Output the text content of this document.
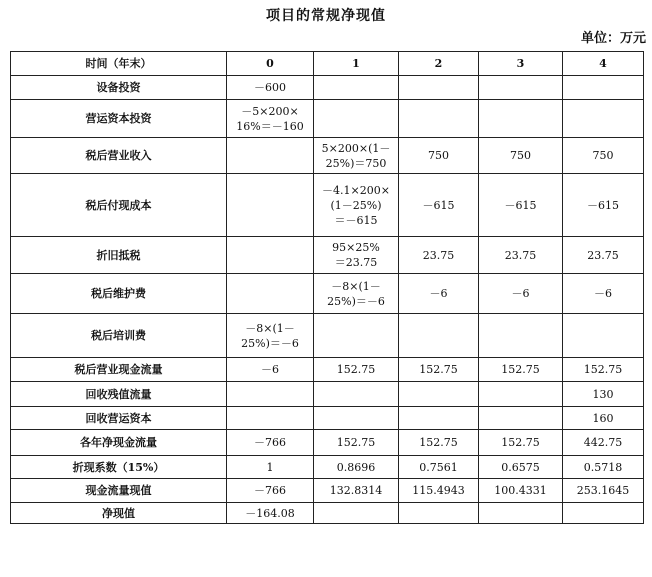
项目的常规净现值
单位：万元
时间（年末）	0	1	2	3	4
设备投资	－600				
营运资本投资	－5×200×
16%＝－160				
税后营业收入		5×200×(1－
25%)＝750	750	750	750
税后付现成本		－4.1×200×
(1－25%)
＝－615	－615	－615	－615
折旧抵税		95×25%
＝23.75	23.75	23.75	23.75
税后维护费		－8×(1－
25%)＝－6	－6	－6	－6
税后培训费	－8×(1－
25%)＝－6				
税后营业现金流量	－6	152.75	152.75	152.75	152.75
回收残值流量					130
回收营运资本					160
各年净现金流量	－766	152.75	152.75	152.75	442.75
折现系数（15%）	1	0.8696	0.7561	0.6575	0.5718
现金流量现值	－766	132.8314	115.4943	100.4331	253.1645
净现值	－164.08				
